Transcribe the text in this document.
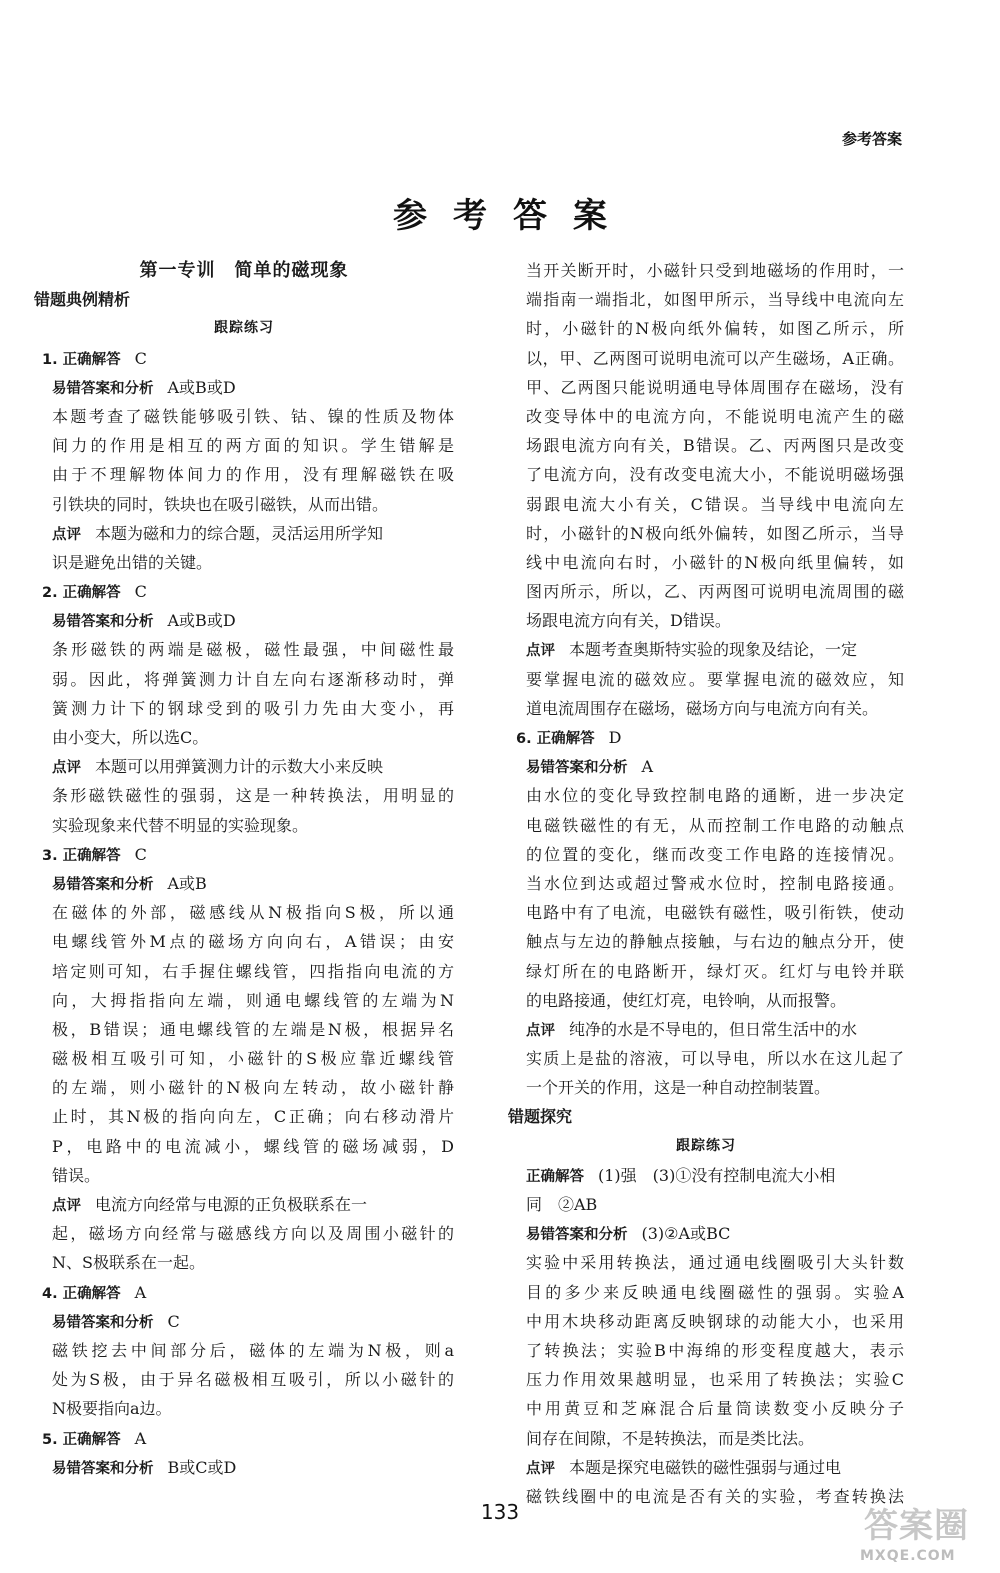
参考答案
参考答案
第一专训　简单的磁现象
错题典例精析
跟踪练习
1. 正确解答 C
易错答案和分析 A或B或D
本题考查了磁铁能够吸引铁、钴、镍的性质及物体
间力的作用是相互的两方面的知识。学生错解是
由于不理解物体间力的作用，没有理解磁铁在吸
引铁块的同时，铁块也在吸引磁铁，从而出错。
点评 本题为磁和力的综合题，灵活运用所学知
识是避免出错的关键。
2. 正确解答 C
易错答案和分析 A或B或D
条形磁铁的两端是磁极，磁性最强，中间磁性最
弱。因此，将弹簧测力计自左向右逐渐移动时，弹
簧测力计下的钢球受到的吸引力先由大变小，再
由小变大，所以选C。
点评 本题可以用弹簧测力计的示数大小来反映
条形磁铁磁性的强弱，这是一种转换法，用明显的
实验现象来代替不明显的实验现象。
3. 正确解答 C
易错答案和分析 A或B
在磁体的外部，磁感线从N极指向S极，所以通
电螺线管外M点的磁场方向向右，A错误；由安
培定则可知，右手握住螺线管，四指指向电流的方
向，大拇指指向左端，则通电螺线管的左端为N
极，B错误；通电螺线管的左端是N极，根据异名
磁极相互吸引可知，小磁针的S极应靠近螺线管
的左端，则小磁针的N极向左转动，故小磁针静
止时，其N极的指向向左，C正确；向右移动滑片
P，电路中的电流减小，螺线管的磁场减弱，D
错误。
点评 电流方向经常与电源的正负极联系在一
起，磁场方向经常与磁感线方向以及周围小磁针的
N、S极联系在一起。
4. 正确解答 A
易错答案和分析 C
磁铁挖去中间部分后，磁体的左端为N极，则a
处为S极，由于异名磁极相互吸引，所以小磁针的
N极要指向a边。
5. 正确解答 A
易错答案和分析 B或C或D
当开关断开时，小磁针只受到地磁场的作用时，一
端指南一端指北，如图甲所示，当导线中电流向左
时，小磁针的N极向纸外偏转，如图乙所示，所
以，甲、乙两图可说明电流可以产生磁场，A正确。
甲、乙两图只能说明通电导体周围存在磁场，没有
改变导体中的电流方向，不能说明电流产生的磁
场跟电流方向有关，B错误。乙、丙两图只是改变
了电流方向，没有改变电流大小，不能说明磁场强
弱跟电流大小有关，C错误。当导线中电流向左
时，小磁针的N极向纸外偏转，如图乙所示，当导
线中电流向右时，小磁针的N极向纸里偏转，如
图丙所示，所以，乙、丙两图可说明电流周围的磁
场跟电流方向有关，D错误。
点评 本题考查奥斯特实验的现象及结论，一定
要掌握电流的磁效应。要掌握电流的磁效应，知
道电流周围存在磁场，磁场方向与电流方向有关。
6. 正确解答 D
易错答案和分析 A
由水位的变化导致控制电路的通断，进一步决定
电磁铁磁性的有无，从而控制工作电路的动触点
的位置的变化，继而改变工作电路的连接情况。
当水位到达或超过警戒水位时，控制电路接通。
电路中有了电流，电磁铁有磁性，吸引衔铁，使动
触点与左边的静触点接触，与右边的触点分开，使
绿灯所在的电路断开，绿灯灭。红灯与电铃并联
的电路接通，使红灯亮，电铃响，从而报警。
点评 纯净的水是不导电的，但日常生活中的水
实质上是盐的溶液，可以导电，所以水在这儿起了
一个开关的作用，这是一种自动控制装置。
错题探究
跟踪练习
正确解答 (1)强　(3)①没有控制电流大小相
同　②AB
易错答案和分析 (3)②A或BC
实验中采用转换法，通过通电线圈吸引大头针数
目的多少来反映通电线圈磁性的强弱。实验A
中用木块移动距离反映钢球的动能大小，也采用
了转换法；实验B中海绵的形变程度越大，表示
压力作用效果越明显，也采用了转换法；实验C
中用黄豆和芝麻混合后量筒读数变小反映分子
间存在间隙，不是转换法，而是类比法。
点评 本题是探究电磁铁的磁性强弱与通过电
磁铁线圈中的电流是否有关的实验，考查转换法
133	答案圈
MXQE.COM
